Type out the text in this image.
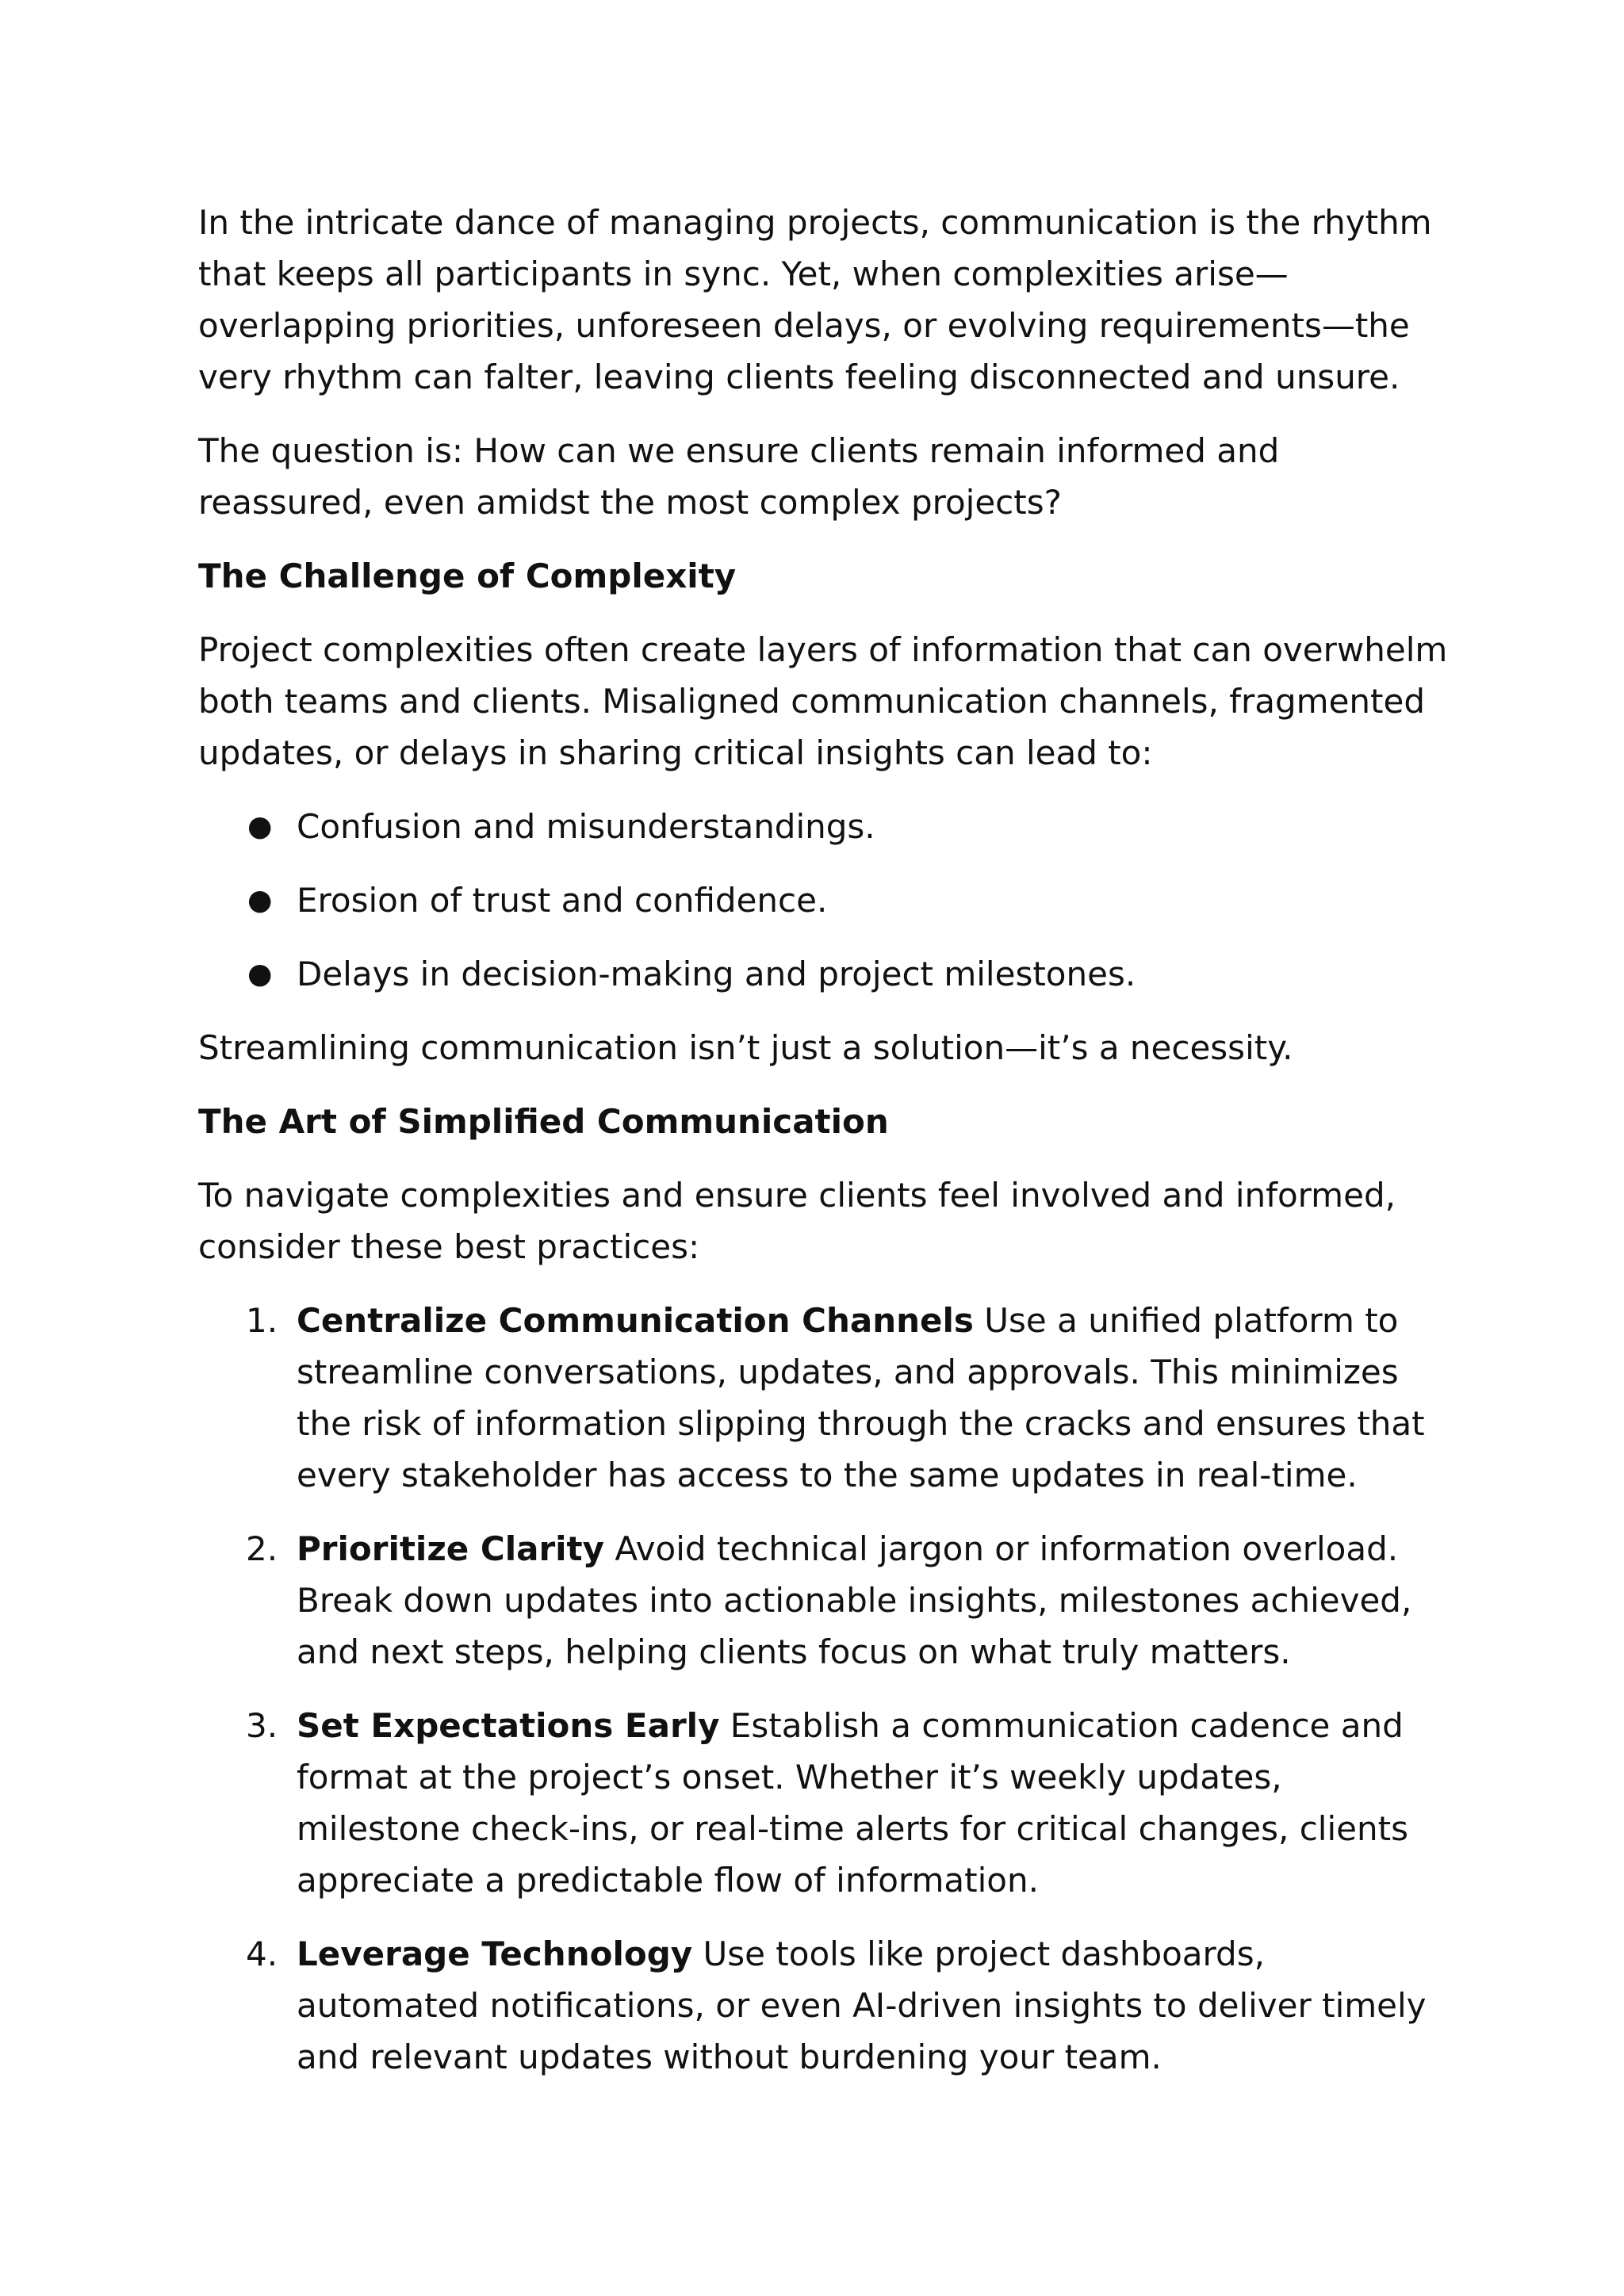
In the intricate dance of managing projects, communication is the rhythm that keeps all participants in sync. Yet, when complexities arise—overlapping priorities, unforeseen delays, or evolving requirements—the very rhythm can falter, leaving clients feeling disconnected and unsure.

The question is: How can we ensure clients remain informed and reassured, even amidst the most complex projects?

The Challenge of Complexity

Project complexities often create layers of information that can overwhelm both teams and clients. Misaligned communication channels, fragmented updates, or delays in sharing critical insights can lead to:

● Confusion and misunderstandings.
● Erosion of trust and confidence.
● Delays in decision-making and project milestones.

Streamlining communication isn’t just a solution—it’s a necessity.

The Art of Simplified Communication

To navigate complexities and ensure clients feel involved and informed, consider these best practices:

1. Centralize Communication Channels Use a unified platform to streamline conversations, updates, and approvals. This minimizes the risk of information slipping through the cracks and ensures that every stakeholder has access to the same updates in real-time.
2. Prioritize Clarity Avoid technical jargon or information overload. Break down updates into actionable insights, milestones achieved, and next steps, helping clients focus on what truly matters.
3. Set Expectations Early Establish a communication cadence and format at the project’s onset. Whether it’s weekly updates, milestone check-ins, or real-time alerts for critical changes, clients appreciate a predictable flow of information.
4. Leverage Technology Use tools like project dashboards, automated notifications, or even AI-driven insights to deliver timely and relevant updates without burdening your team.
